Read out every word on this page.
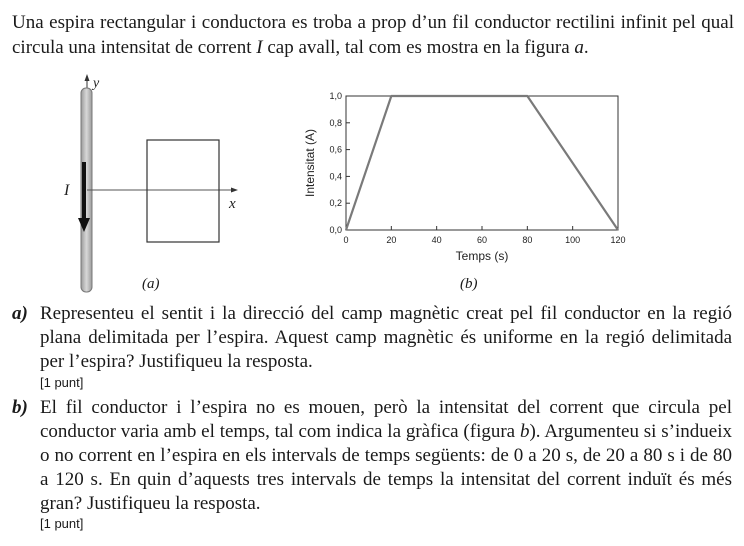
Una espira rectangular i conductora es troba a prop d’un fil conductor rectilini infinit pel qual circula una intensitat de corrent I cap avall, tal com es mostra en la figura a.

y
x
I
(a)
0	20	40	60	80	100	120
0,0
0,2
0,4
0,6
0,8
1,0
Temps (s)
Intensitat (A)
(b)
a) Representeu el sentit i la direcció del camp magnètic creat pel fil conductor en la regió plana delimitada per l’espira. Aquest camp magnètic és uniforme en la regió delimitada per l’espira? Justifiqueu la resposta.
[1 punt]
b) El fil conductor i l’espira no es mouen, però la intensitat del corrent que circula pel conductor varia amb el temps, tal com indica la gràfica (figura b). Argumenteu si s’indueix o no corrent en l’espira en els intervals de temps següents: de 0 a 20 s, de 20 a 80 s i de 80 a 120 s. En quin d’aquests tres intervals de temps la intensitat del corrent induït és més gran? Justifiqueu la resposta.
[1 punt]
